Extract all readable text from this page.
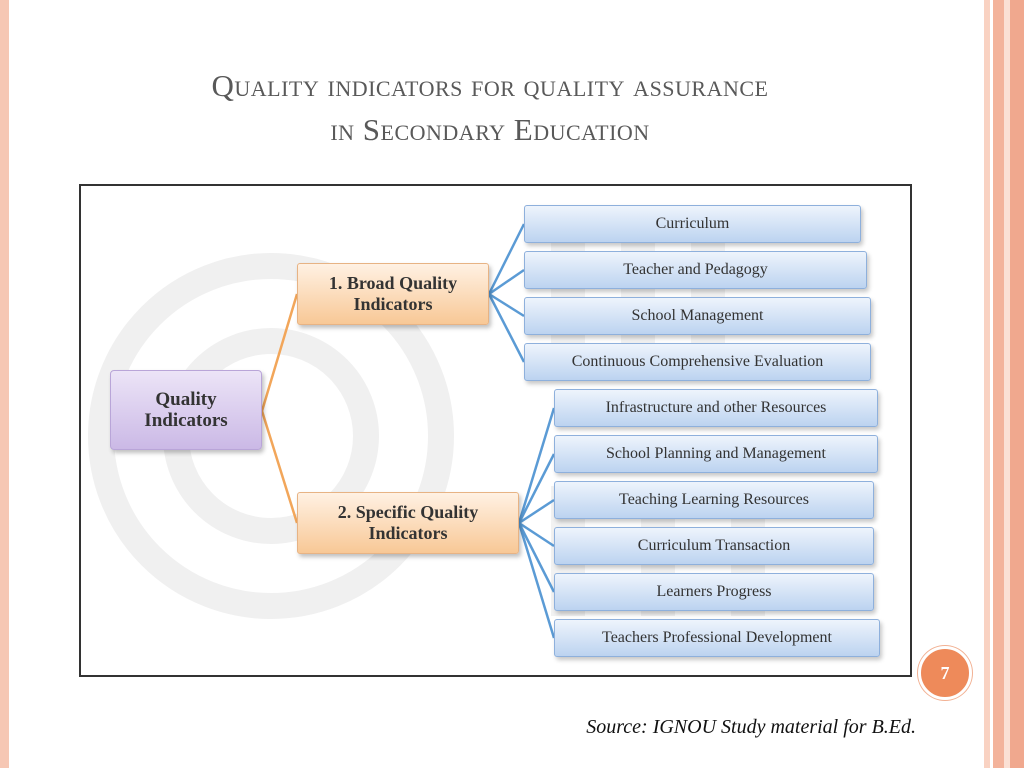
Quality indicators for quality assurance
in Secondary Education
Quality
Indicators
1. Broad Quality
Indicators
2. Specific Quality
Indicators
Curriculum
Teacher and Pedagogy
School Management
Continuous Comprehensive Evaluation
Infrastructure and other Resources
School Planning and Management
Teaching Learning Resources
Curriculum Transaction
Learners Progress
Teachers Professional Development
7
Source: IGNOU Study material for B.Ed.
